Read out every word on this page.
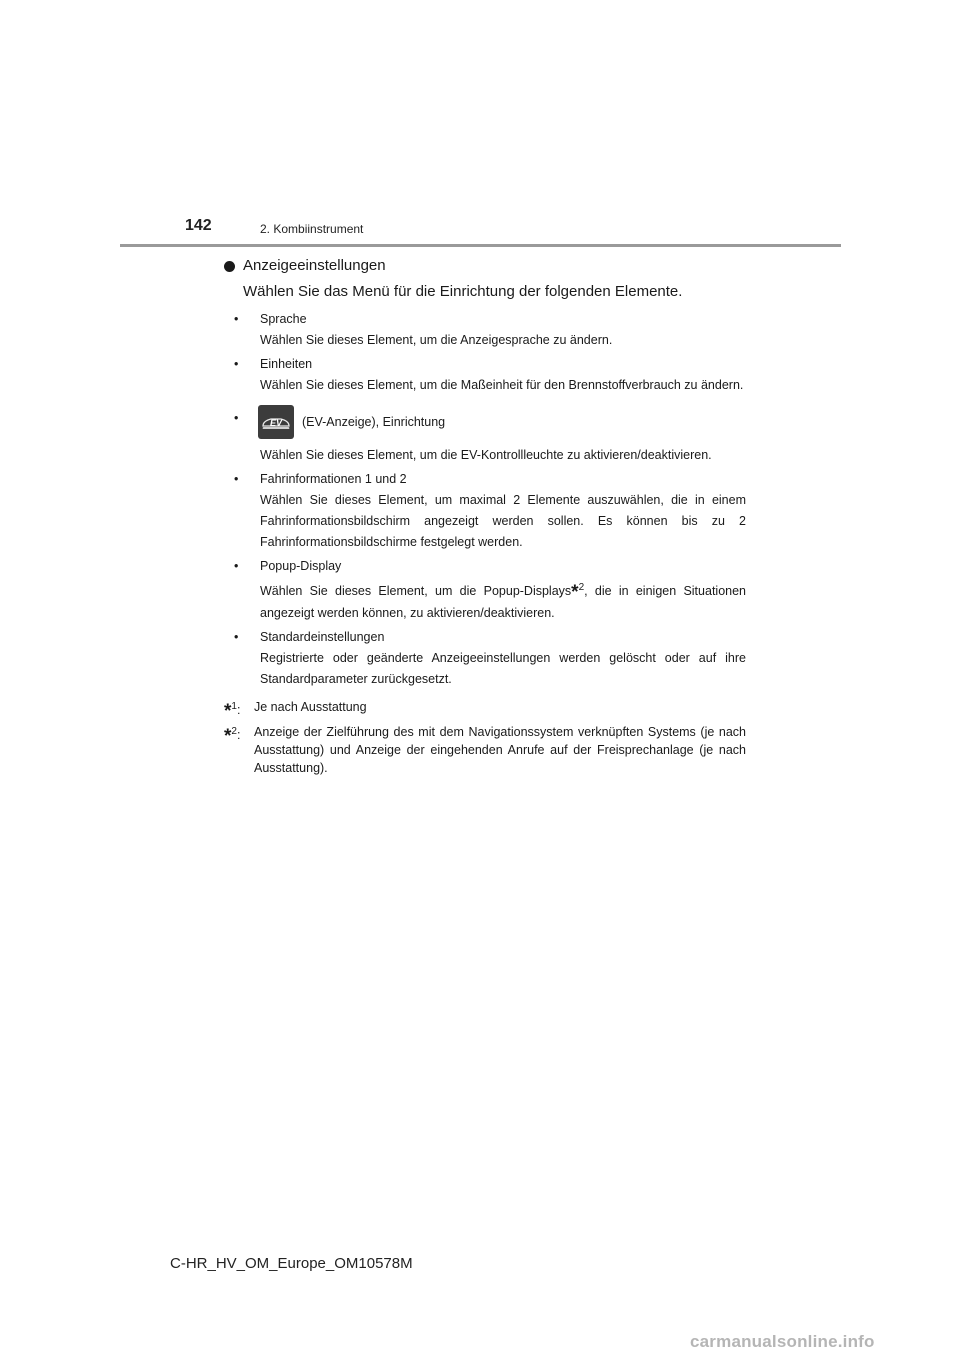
142	2. Kombiinstrument
Anzeigeeinstellungen
Wählen Sie das Menü für die Einrichtung der folgenden Elemente.
• Sprache

Wählen Sie dieses Element, um die Anzeigesprache zu ändern.

• Einheiten

Wählen Sie dieses Element, um die Maßeinheit für den Brennstoffverbrauch zu ändern.

•	EV (EV-Anzeige), Einrichtung

Wählen Sie dieses Element, um die EV-Kontrollleuchte zu aktivieren/deaktivieren.

• Fahrinformationen 1 und 2

Wählen Sie dieses Element, um maximal 2 Elemente auszuwählen, die in einem Fahrinformationsbildschirm angezeigt werden sollen. Es können bis zu 2 Fahrinformationsbildschirme festgelegt werden.

• Popup-Display

Wählen Sie dieses Element, um die Popup-Displays*$^2$, die in einigen Situationen angezeigt werden können, zu aktivieren/deaktivieren.

• Standardeinstellungen

Registrierte oder geänderte Anzeigeeinstellungen werden gelöscht oder auf ihre Standardparameter zurückgesetzt.

*$^1$:	Je nach Ausstattung
*$^2$:	Anzeige der Zielführung des mit dem Navigationssystem verknüpften Systems (je nach Ausstattung) und Anzeige der eingehenden Anrufe auf der Freisprechanlage (je nach Ausstattung).
C-HR_HV_OM_Europe_OM10578M
carmanualsonline.info
